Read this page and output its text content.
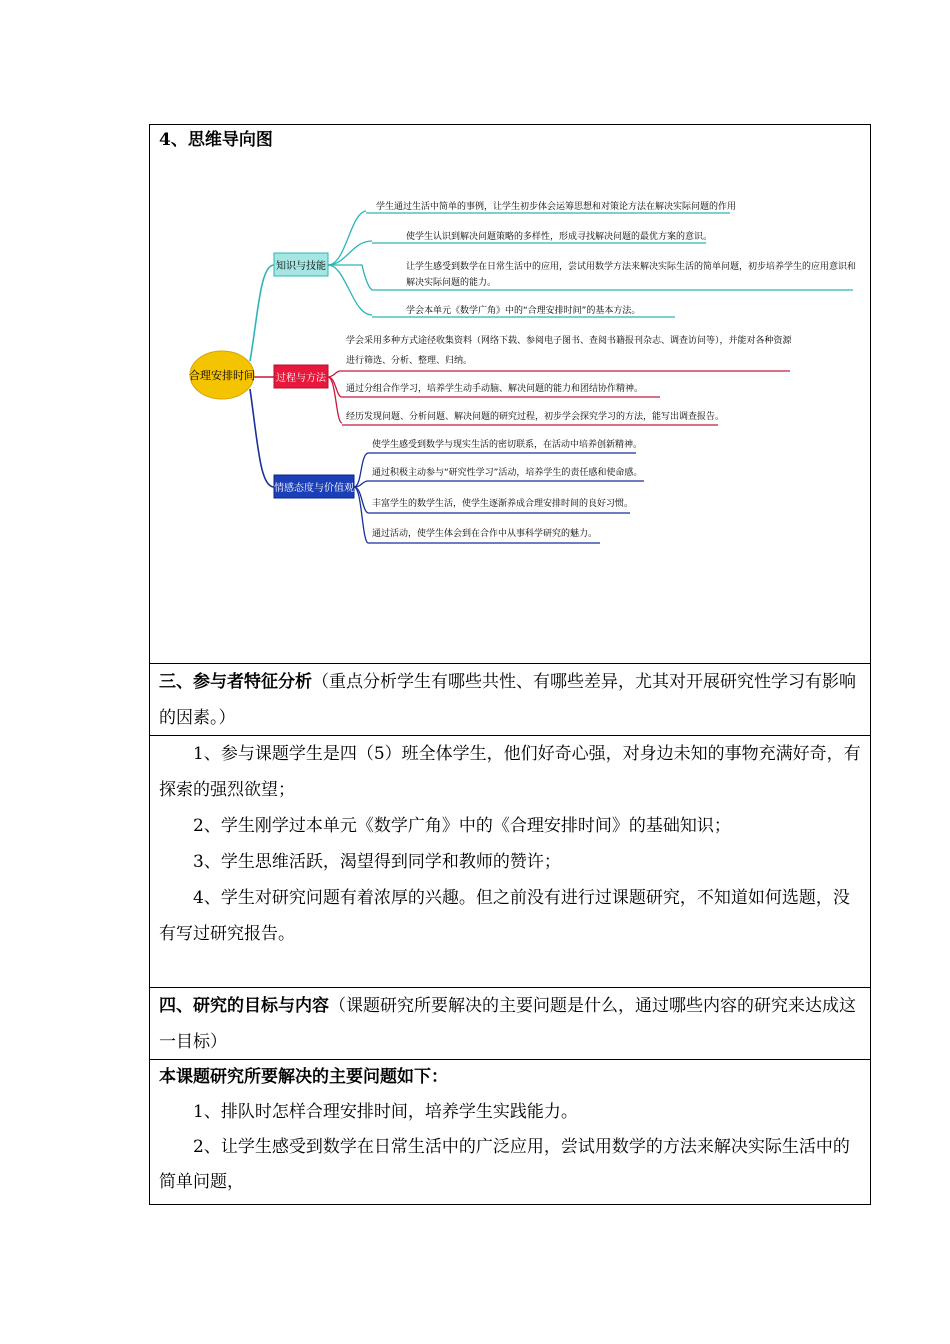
4、思维导向图
合理安排时间
知识与技能
学生通过生活中简单的事例，让学生初步体会运筹思想和对策论方法在解决实际问题的作用
使学生认识到解决问题策略的多样性，形成寻找解决问题的最优方案的意识。
让学生感受到数学在日常生活中的应用，尝试用数学方法来解决实际生活的简单问题，初步培养学生的应用意识和
解决实际问题的能力。
学会本单元《数学广角》中的“合理安排时间”的基本方法。
过程与方法
学会采用多种方式途径收集资料（网络下载、参阅电子图书、查阅书籍报刊杂志、调查访问等），并能对各种资源
进行筛选、分析、整理、归纳。
通过分组合作学习，培养学生动手动脑、解决问题的能力和团结协作精神。
经历发现问题、分析问题、解决问题的研究过程，初步学会探究学习的方法，能写出调查报告。
情感态度与价值观
使学生感受到数学与现实生活的密切联系，在活动中培养创新精神。
通过积极主动参与“研究性学习”活动，培养学生的责任感和使命感。
丰富学生的数学生活，使学生逐渐养成合理安排时间的良好习惯。
通过活动，使学生体会到在合作中从事科学研究的魅力。
三、参与者特征分析（重点分析学生有哪些共性、有哪些差异，尤其对开展研究性学习有影响的因素。）
1、参与课题学生是四（5）班全体学生，他们好奇心强，对身边未知的事物充满好奇，有探索的强烈欲望；
2、学生刚学过本单元《数学广角》中的《合理安排时间》的基础知识；
3、学生思维活跃，渴望得到同学和教师的赞许；
4、学生对研究问题有着浓厚的兴趣。但之前没有进行过课题研究，不知道如何选题，没有写过研究报告。
四、研究的目标与内容（课题研究所要解决的主要问题是什么，通过哪些内容的研究来达成这一目标）
本课题研究所要解决的主要问题如下：
1、排队时怎样合理安排时间，培养学生实践能力。
2、让学生感受到数学在日常生活中的广泛应用，尝试用数学的方法来解决实际生活中的简单问题，
